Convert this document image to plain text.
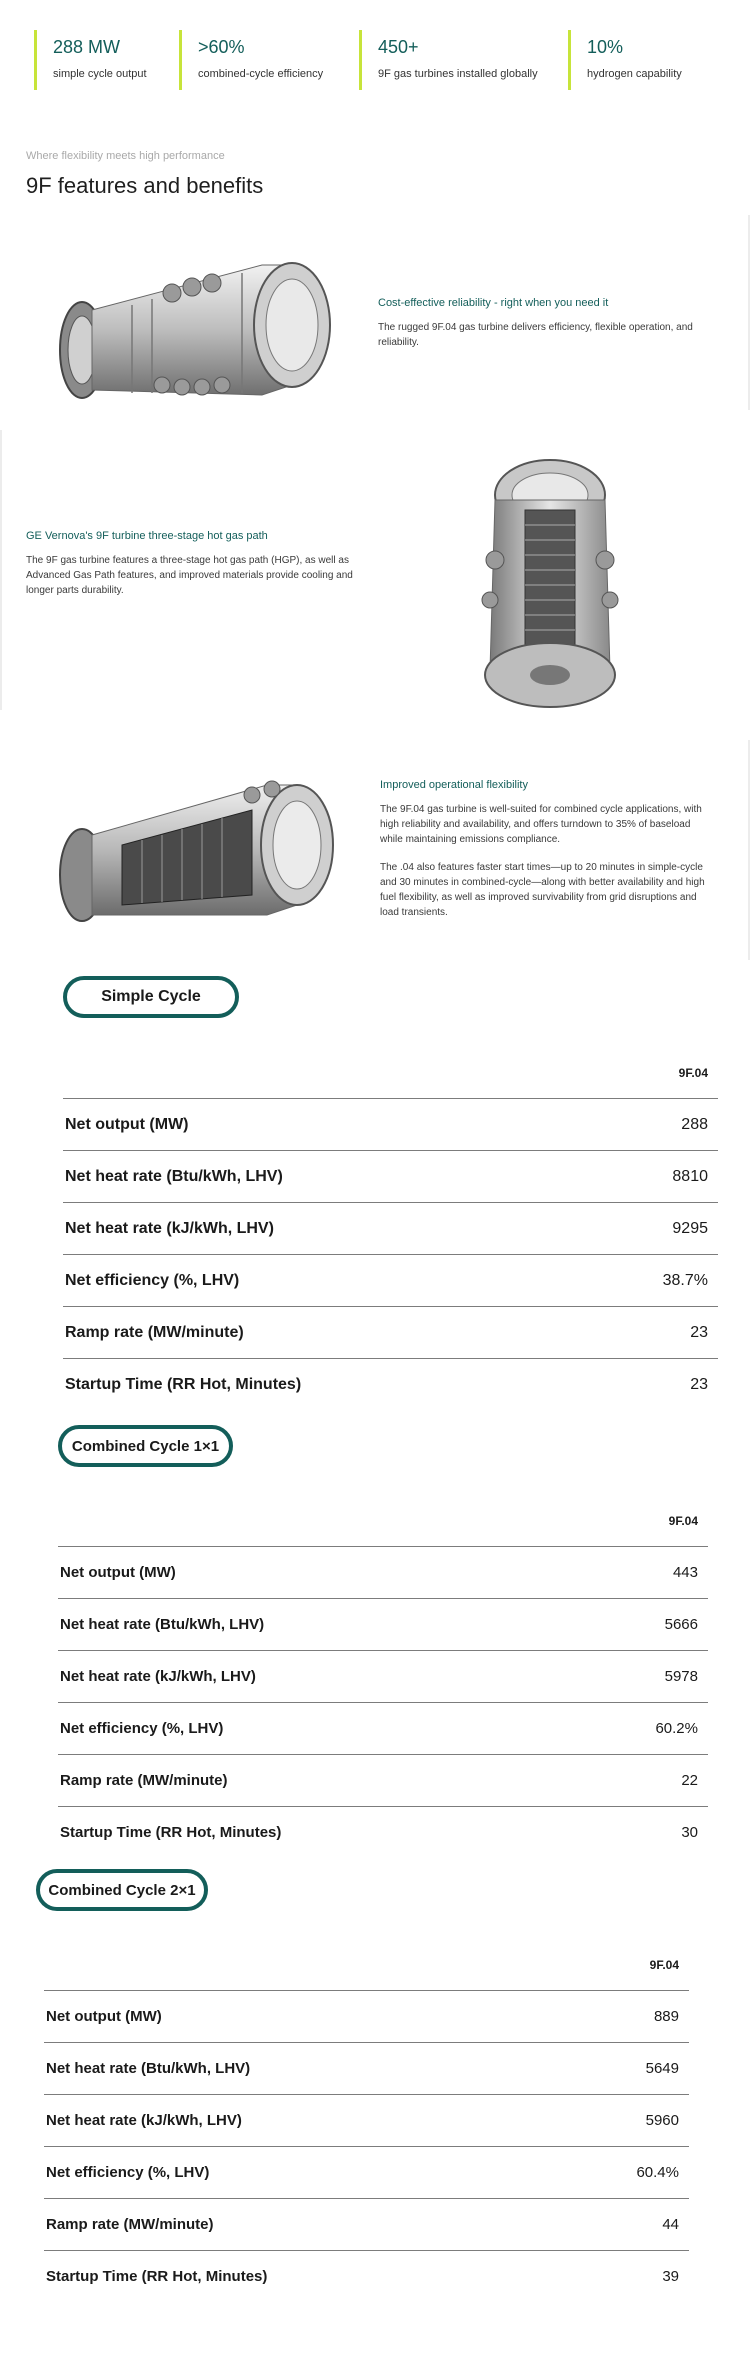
288 MW
simple cycle output
>60%
combined-cycle efficiency
450+
9F gas turbines installed globally
10%
hydrogen capability
Where flexibility meets high performance
9F features and benefits
Cost-effective reliability - right when you need it
The rugged 9F.04 gas turbine delivers efficiency, flexible operation, and reliability.
GE Vernova's 9F turbine three-stage hot gas path
The 9F gas turbine features a three-stage hot gas path (HGP), as well as Advanced Gas Path features, and improved materials provide cooling and longer parts durability.
Improved operational flexibility
The 9F.04 gas turbine is well-suited for combined cycle applications, with high reliability and availability, and offers turndown to 35% of baseload while maintaining emissions compliance.
The .04 also features faster start times—up to 20 minutes in simple-cycle and 30 minutes in combined-cycle—along with better availability and high fuel flexibility, as well as improved survivability from grid disruptions and load transients.
Simple Cycle
9F.04
Net output (MW)	288
Net heat rate (Btu/kWh, LHV)	8810
Net heat rate (kJ/kWh, LHV)	9295
Net efficiency (%, LHV)	38.7%
Ramp rate (MW/minute)	23
Startup Time (RR Hot, Minutes)	23
Combined Cycle 1×1
9F.04
Net output (MW)	443
Net heat rate (Btu/kWh, LHV)	5666
Net heat rate (kJ/kWh, LHV)	5978
Net efficiency (%, LHV)	60.2%
Ramp rate (MW/minute)	22
Startup Time (RR Hot, Minutes)	30
Combined Cycle 2×1
9F.04
Net output (MW)	889
Net heat rate (Btu/kWh, LHV)	5649
Net heat rate (kJ/kWh, LHV)	5960
Net efficiency (%, LHV)	60.4%
Ramp rate (MW/minute)	44
Startup Time (RR Hot, Minutes)	39
